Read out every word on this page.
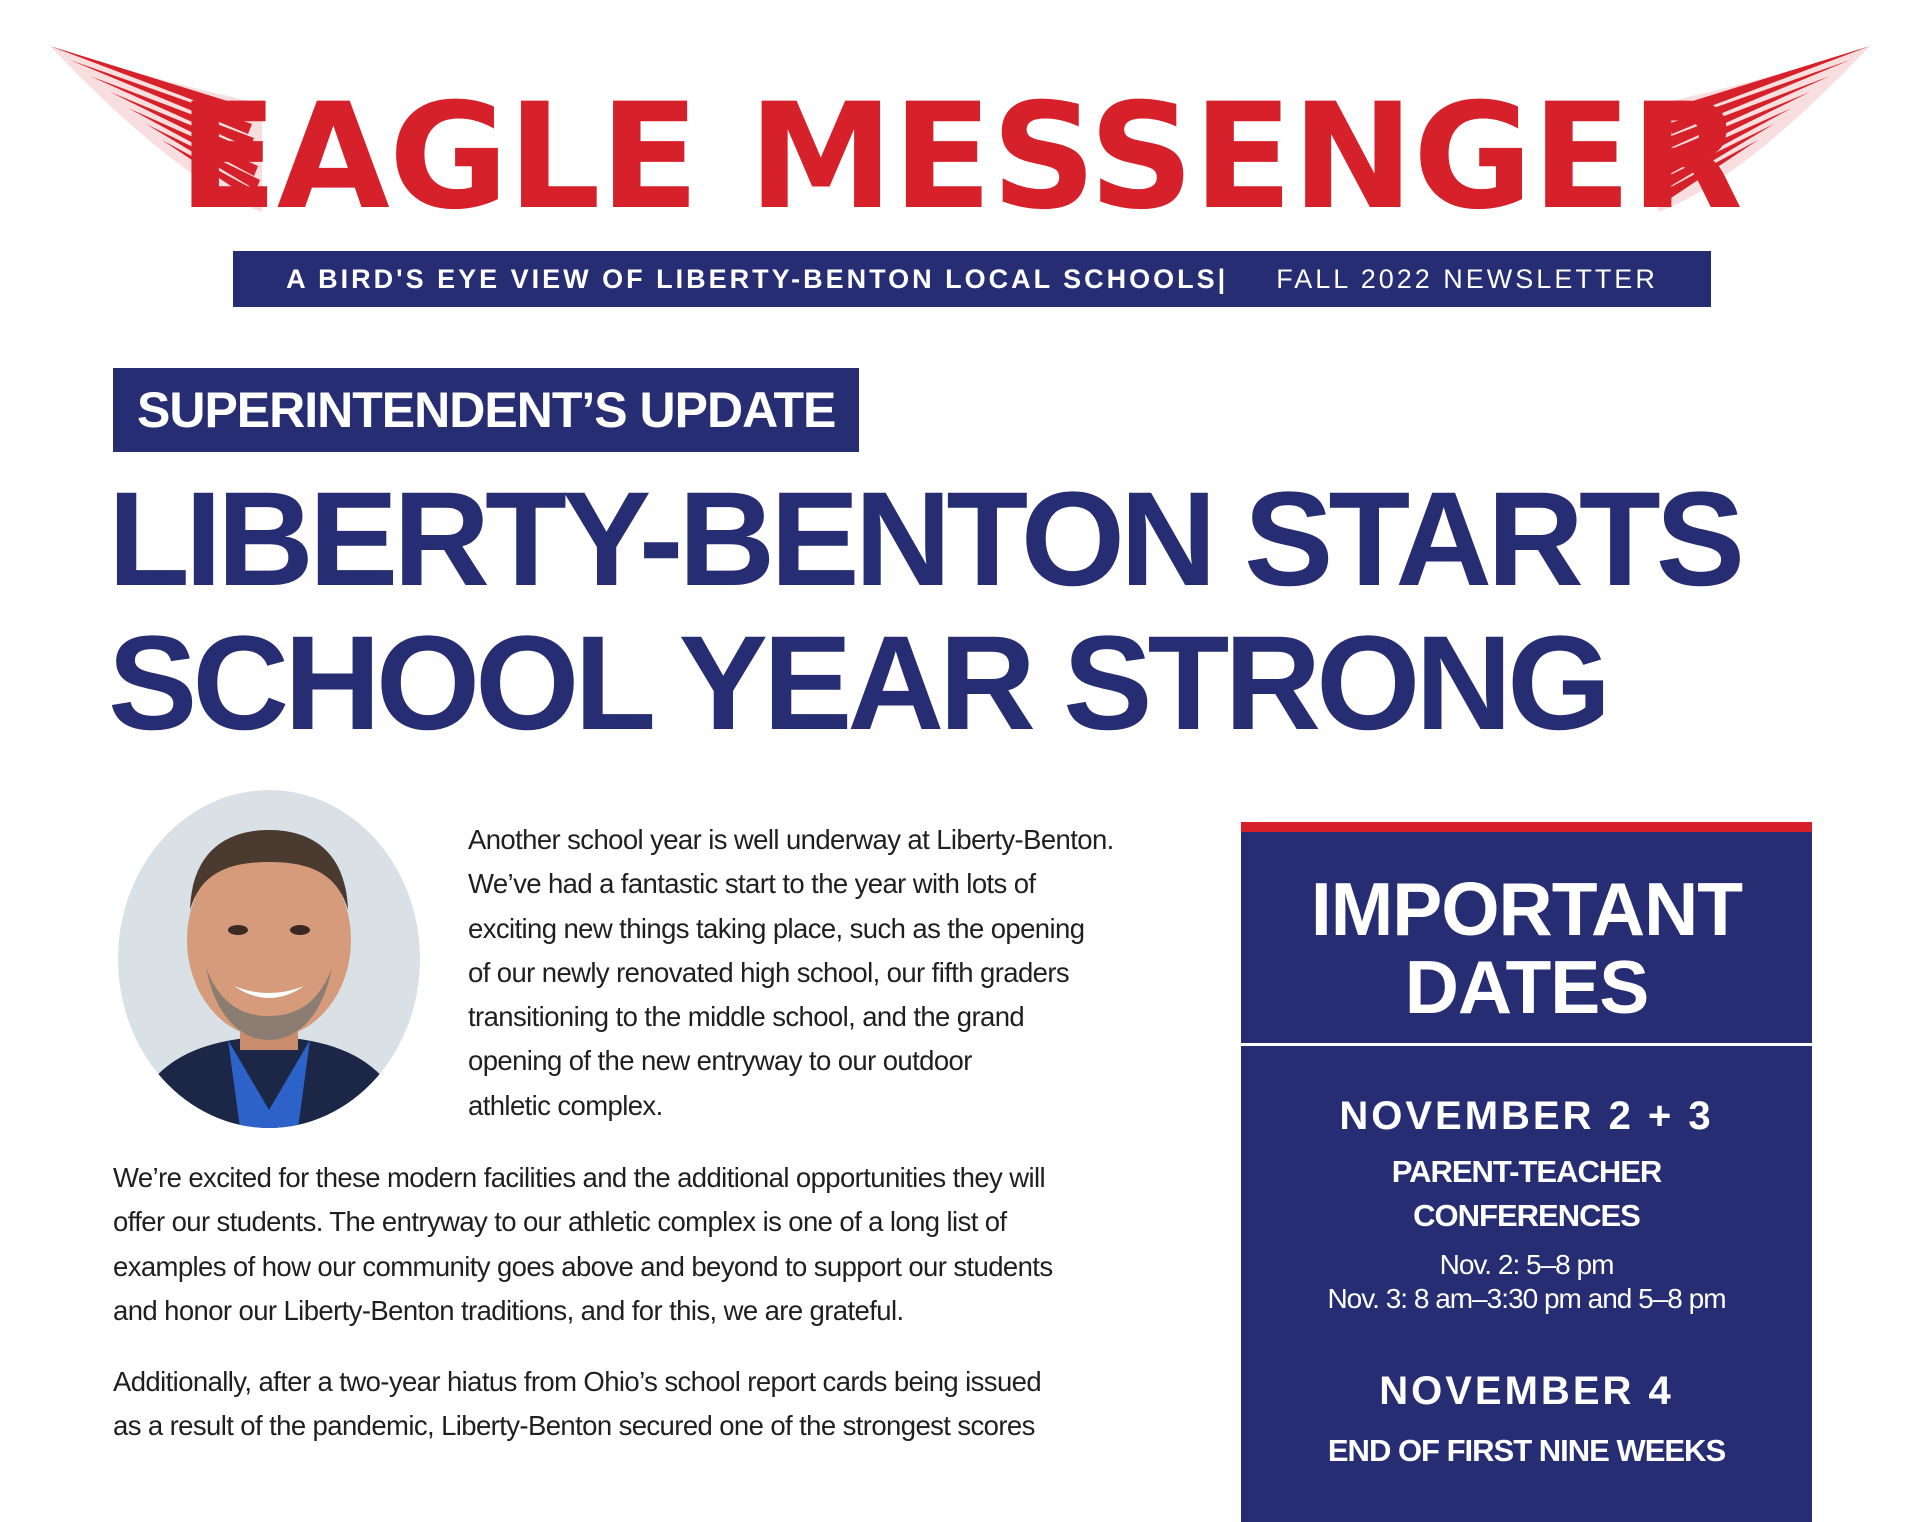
EAGLE MESSENGER
A BIRD'S EYE VIEW OF LIBERTY-BENTON LOCAL SCHOOLS| FALL 2022 NEWSLETTER
SUPERINTENDENT’S UPDATE
LIBERTY-BENTON STARTS
SCHOOL YEAR STRONG

Another school year is well underway at Liberty-Benton.
We’ve had a fantastic start to the year with lots of
exciting new things taking place, such as the opening
of our newly renovated high school, our fifth graders
transitioning to the middle school, and the grand
opening of the new entryway to our outdoor
athletic complex.

We’re excited for these modern facilities and the additional opportunities they will
offer our students. The entryway to our athletic complex is one of a long list of
examples of how our community goes above and beyond to support our students
and honor our Liberty-Benton traditions, and for this, we are grateful.

Additionally, after a two-year hiatus from Ohio’s school report cards being issued
as a result of the pandemic, Liberty-Benton secured one of the strongest scores

IMPORTANT
DATES
NOVEMBER 2 + 3
PARENT-TEACHER
CONFERENCES
Nov. 2: 5–8 pm
Nov. 3: 8 am–3:30 pm and 5–8 pm
NOVEMBER 4
END OF FIRST NINE WEEKS
